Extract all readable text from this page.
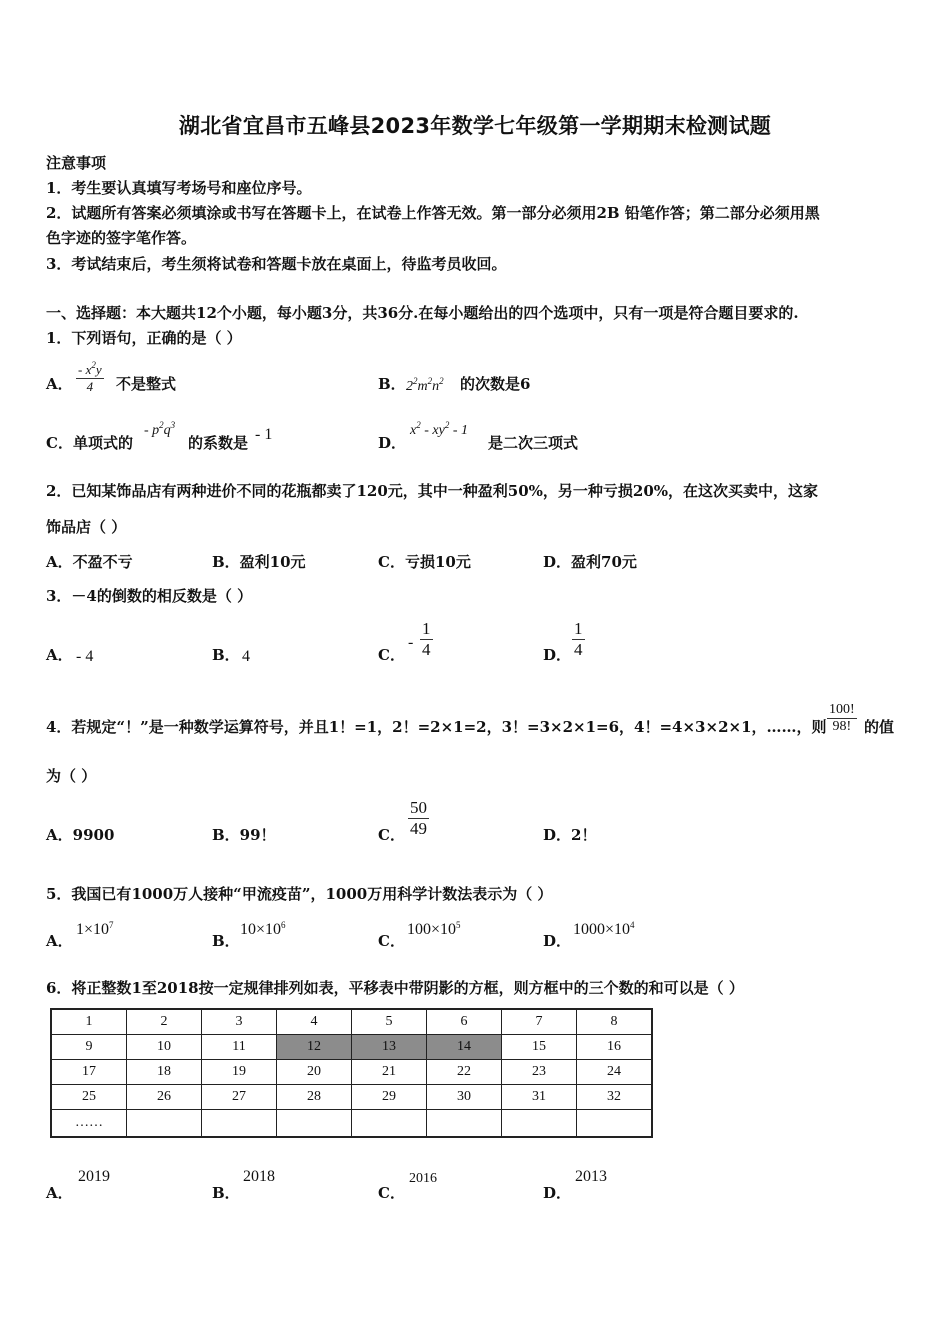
湖北省宜昌市五峰县2023年数学七年级第一学期期末检测试题
注意事项
1．考生要认真填写考场号和座位序号。
2．试题所有答案必须填涂或书写在答题卡上，在试卷上作答无效。第一部分必须用2B 铅笔作答；第二部分必须用黑
色字迹的签字笔作答。
3．考试结束后，考生须将试卷和答题卡放在桌面上，待监考员收回。
一、选择题：本大题共12个小题，每小题3分，共36分.在每小题给出的四个选项中，只有一项是符合题目要求的.
1．下列语句，正确的是（ ）
A． $\frac{- x^2y}{4}$ 不是整式	B． $2^2m^2n^2$ 的次数是6
C．单项式的
- $p^2q^3$
的系数是 - 1	D．
$x^2 - xy^2 - 1$
是二次三项式
2．已知某饰品店有两种进价不同的花瓶都卖了120元，其中一种盈利50%，另一种亏损20%，在这次买卖中，这家
饰品店（ ）
A．不盈不亏	B．盈利10元	C．亏损10元	D．盈利70元
3．－4的倒数的相反数是（ ）
A． - 4	B． 4	C．
- $\frac{1}{4}$	D． $\frac{1}{4}$
4．若规定“！”是一种数学运算符号，并且1！=1，2！=2×1=2，3！=3×2×1=6，4！=4×3×2×1，……，则 $\frac{100!}{98!}$ 的值
为（ ）
A．9900	B．99！	C． $\frac{50}{49}$	D．2！
5．我国已有1000万人接种“甲流疫苗”，1000万用科学计数法表示为（ ）
A．
$1\times 10^7$
B．
$10\times 10^6$
C．
$100\times 10^5$
D．
$1000\times 10^4$
6．将正整数1至2018按一定规律排列如表，平移表中带阴影的方框，则方框中的三个数的和可以是（ ）
1	2	3	4	5	6	7	8
9	10	11	12	13	14	15	16
17	18	19	20	21	22	23	24
25	26	27	28	29	30	31	32
……							
A．
2019
B．
2018
C．
2016
D．
2013
